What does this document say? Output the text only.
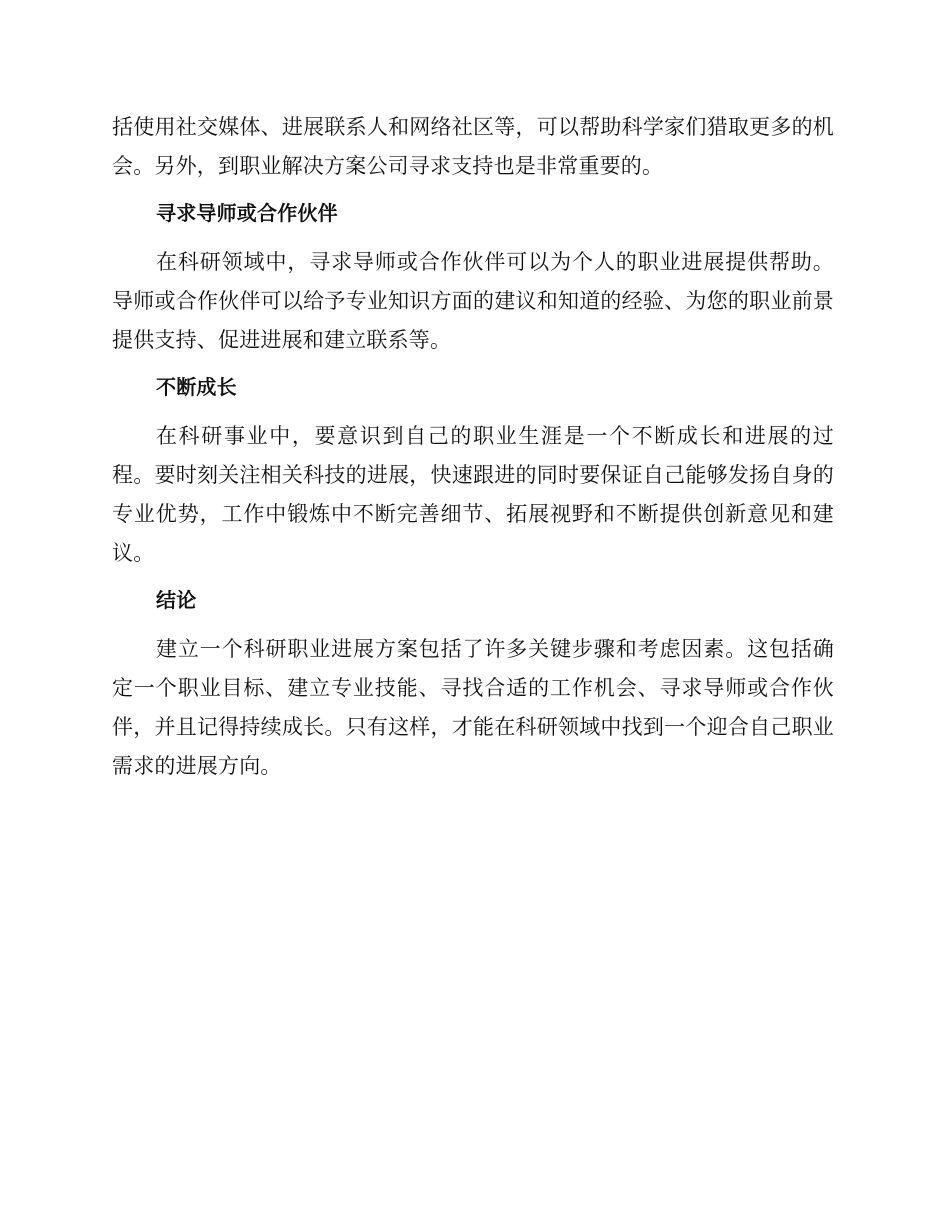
括使用社交媒体、进展联系人和网络社区等，可以帮助科学家们猎取更多的机会。另外，到职业解决方案公司寻求支持也是非常重要的。

寻求导师或合作伙伴

在科研领域中，寻求导师或合作伙伴可以为个人的职业进展提供帮助。导师或合作伙伴可以给予专业知识方面的建议和知道的经验、为您的职业前景提供支持、促进进展和建立联系等。

不断成长

在科研事业中，要意识到自己的职业生涯是一个不断成长和进展的过程。要时刻关注相关科技的进展，快速跟进的同时要保证自己能够发扬自身的专业优势，工作中锻炼中不断完善细节、拓展视野和不断提供创新意见和建议。

结论

建立一个科研职业进展方案包括了许多关键步骤和考虑因素。这包括确定一个职业目标、建立专业技能、寻找合适的工作机会、寻求导师或合作伙伴，并且记得持续成长。只有这样，才能在科研领域中找到一个迎合自己职业需求的进展方向。
